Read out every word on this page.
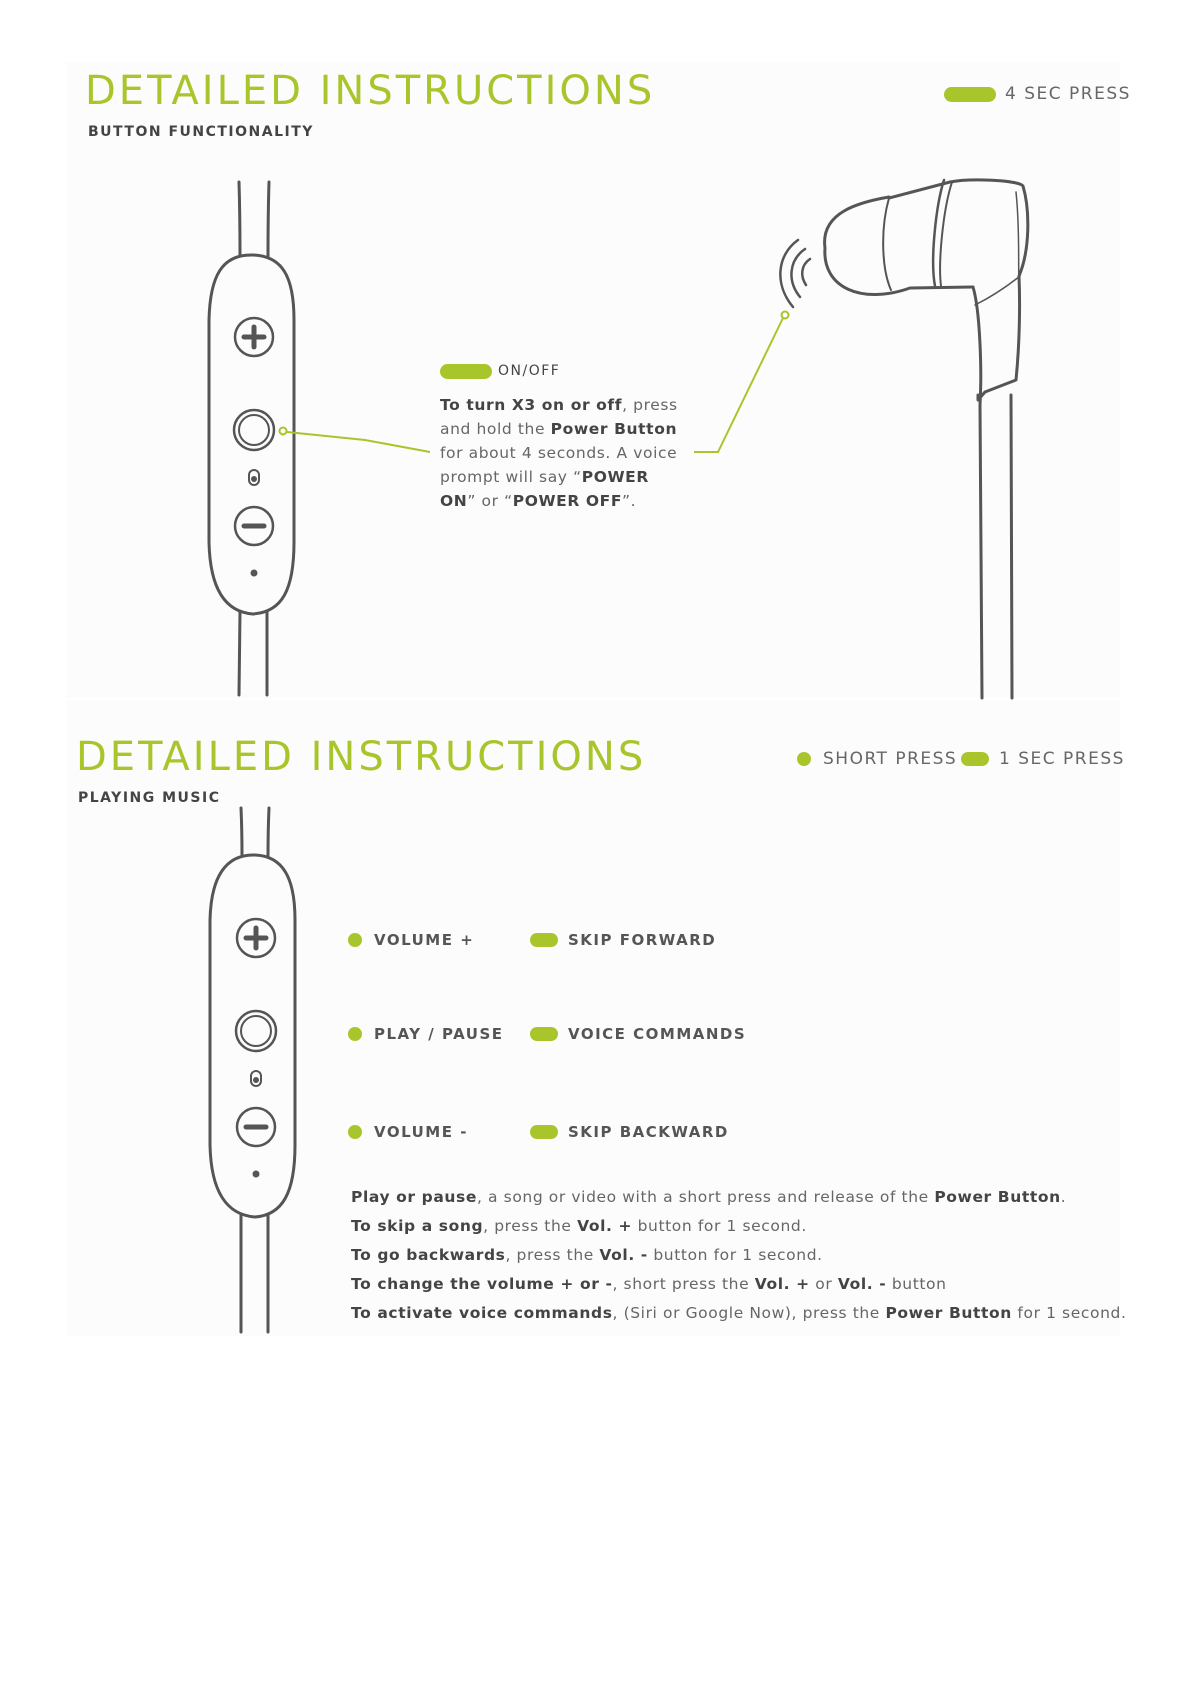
DETAILED INSTRUCTIONS
BUTTON FUNCTIONALITY
4 SEC PRESS
ON/OFF
To turn X3 on or off, press and hold the Power Button for about 4 seconds. A voice prompt will say “POWER ON” or “POWER OFF”.
DETAILED INSTRUCTIONS
PLAYING MUSIC
SHORT PRESS 1 SEC PRESS
VOLUME +	SKIP FORWARD
PLAY / PAUSE	VOICE COMMANDS
VOLUME -	SKIP BACKWARD
Play or pause, a song or video with a short press and release of the Power Button.
To skip a song, press the Vol. + button for 1 second.
To go backwards, press the Vol. - button for 1 second.
To change the volume + or -, short press the Vol. + or Vol. - button
To activate voice commands, (Siri or Google Now), press the Power Button for 1 second.
